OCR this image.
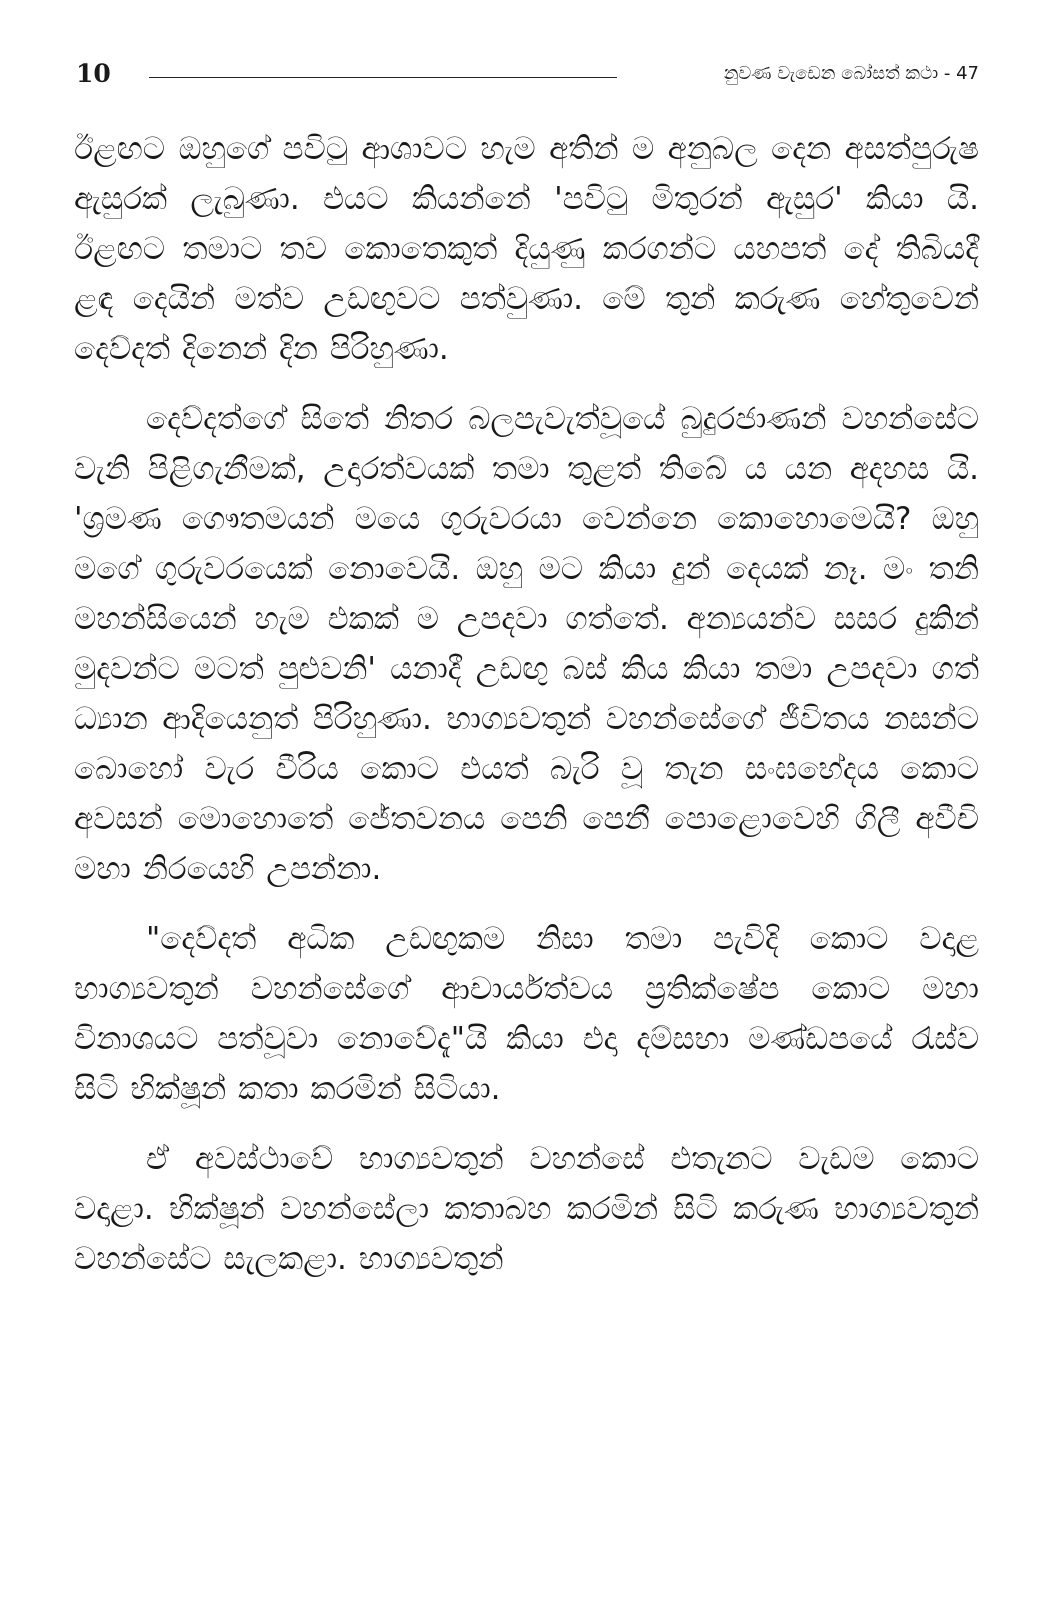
10	නුවණ වැඩෙන බෝසත් කථා - 47

ඊළඟට ඔහුගේ පවිටු ආශාවට හැම අතින් ම අනුබල දෙන අසත්පුරුෂ ඇසුරක් ලැබුණා. එයට කියන්නේ 'පවිටු මිතුරන් ඇසුර' කියා යි. ඊළඟට තමාට තව කොතෙකුත් දියුණු කරගන්ට යහපත් දේ තිබියදී ළඳ දෙයින් මත්ව උඩඟුවට පත්වුණා. මේ තුන් කරුණ හේතුවෙන් දෙව්දත් දිනෙන් දින පිරිහුණා.

දෙව්දත්ගේ සිතේ නිතර බලපැවැත්වූයේ බුදුරජාණන් වහන්සේට වැනි පිළිගැනීමක්, උදාරත්වයක් තමා තුළත් තිබේ ය යන අදහස යි. 'ශ්‍රමණ ගෞතමයන් මයෙ ගුරුවරයා වෙන්නෙ කොහොමෙයි? ඔහු මගේ ගුරුවරයෙක් නොවෙයි. ඔහු මට කියා දුන් දෙයක් නෑ. මං තනි මහන්සියෙන් හැම එකක් ම උපදවා ගත්තේ. අන්‍යයන්ව සසර දුකින් මුදවන්ට මටත් පුළුවනි' යනාදී උඩඟු බස් කිය කියා තමා උපදවා ගත් ධ්‍යාන ආදියෙනුත් පිරිහුණා. භාග්‍යවතුන් වහන්සේගේ ජීවිතය නසන්ට බොහෝ වැර වීරිය කොට එයත් බැරි වූ තැන සංඝභේදය කොට අවසන් මොහොතේ ජේතවනය පෙනි පෙනී පොළොවෙහි ගිලී අවීචි මහා නිරයෙහි උපන්නා.

"දෙව්දත් අධික උඩඟුකම නිසා තමා පැවිදි කොට වදාළ භාග්‍යවතුන් වහන්සේගේ ආචාර්යත්වය ප්‍රතික්ෂේප කොට මහා විනාශයට පත්වූවා නොවේදැ"යි කියා එදා දම්සභා මණ්ඩපයේ රැස්ව සිටි භික්ෂූන් කතා කරමින් සිටියා.

ඒ අවස්ථාවේ භාග්‍යවතුන් වහන්සේ එතැනට වැඩම කොට වදාළා. භික්ෂූන් වහන්සේලා කතාබහ කරමින් සිටි කරුණ භාග්‍යවතුන් වහන්සේට සැලකළා. භාග්‍යවතුන්
